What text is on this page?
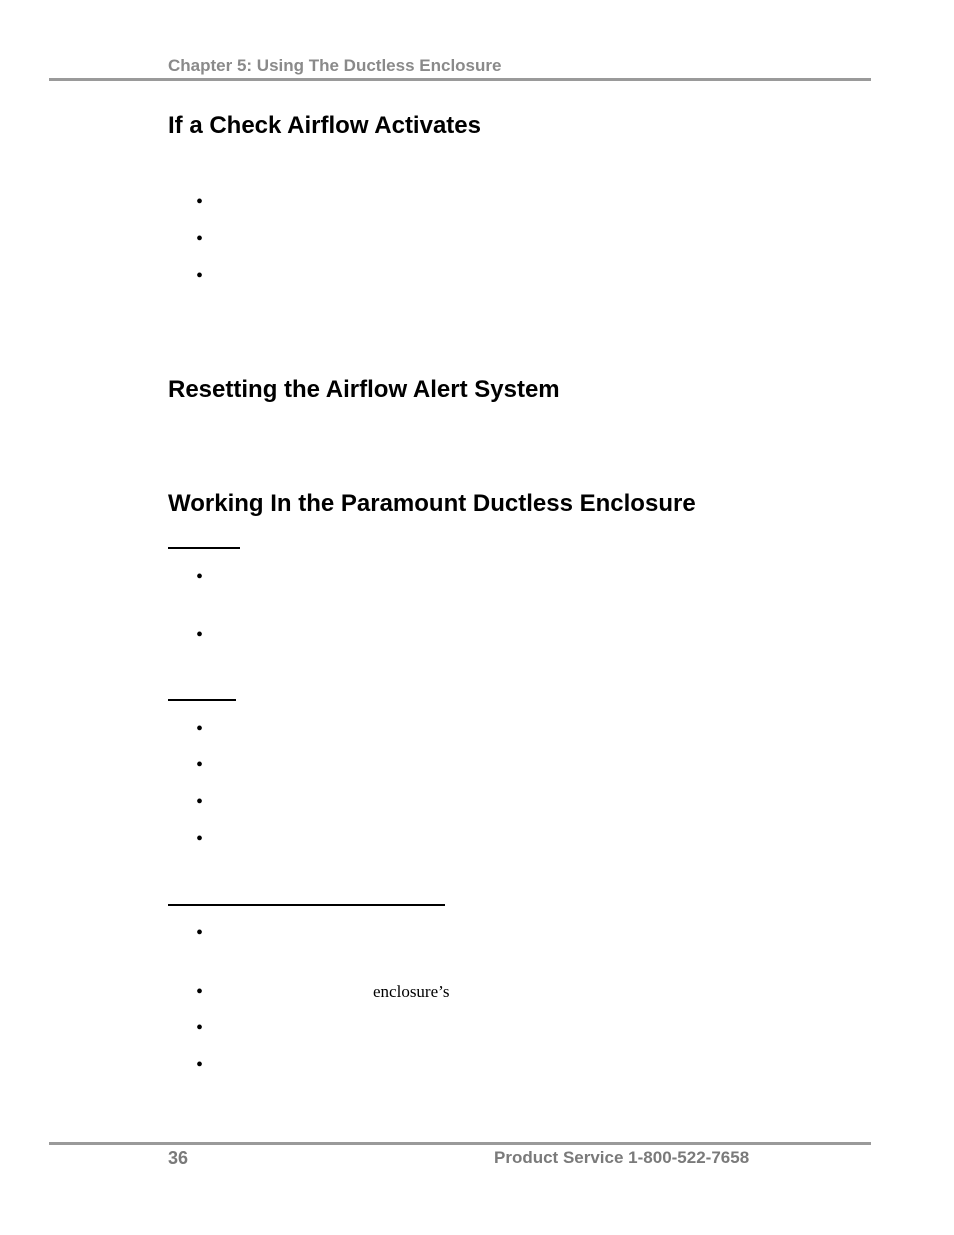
Chapter 5: Using The Ductless Enclosure
If a Check Airflow Activates
•
•
•
Resetting the Airflow Alert System
Working In the Paramount Ductless Enclosure
•
•
•
•
•
•
•
•
enclosure’s
•
•
36	Product Service 1-800-522-7658
